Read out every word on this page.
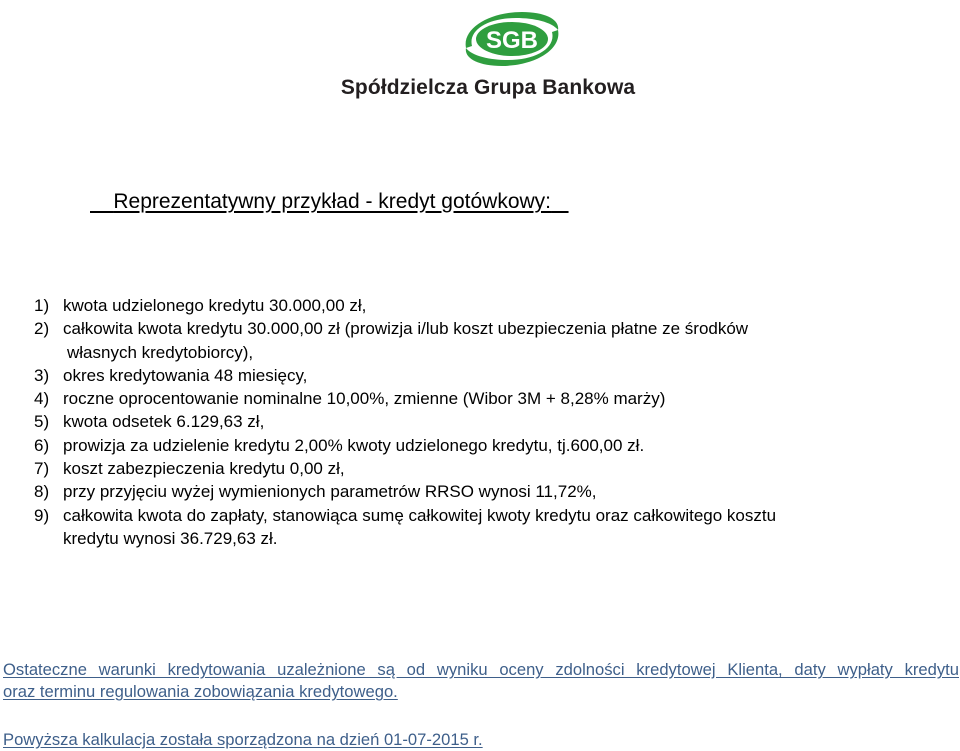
SGB
Spółdzielcza Grupa Bankowa
Reprezentatywny przykład - kredyt gotówkowy:
1) kwota udzielonego kredytu 30.000,00 zł,
2) całkowita kwota kredytu 30.000,00 zł (prowizja i/lub koszt ubezpieczenia płatne ze środków
własnych kredytobiorcy),
3) okres kredytowania 48 miesięcy,
4) roczne oprocentowanie nominalne 10,00%, zmienne (Wibor 3M + 8,28% marży)
5) kwota odsetek 6.129,63 zł,
6) prowizja za udzielenie kredytu 2,00% kwoty udzielonego kredytu, tj.600,00 zł.
7) koszt zabezpieczenia kredytu 0,00 zł,
8) przy przyjęciu wyżej wymienionych parametrów RRSO wynosi 11,72%,
9) całkowita kwota do zapłaty, stanowiąca sumę całkowitej kwoty kredytu oraz całkowitego kosztu
kredytu wynosi 36.729,63 zł.
Ostateczne warunki kredytowania uzależnione są od wyniku oceny zdolności kredytowej Klienta, daty wypłaty kredytu
oraz terminu regulowania zobowiązania kredytowego.
Powyższa kalkulacja została sporządzona na dzień 01-07-2015 r.
